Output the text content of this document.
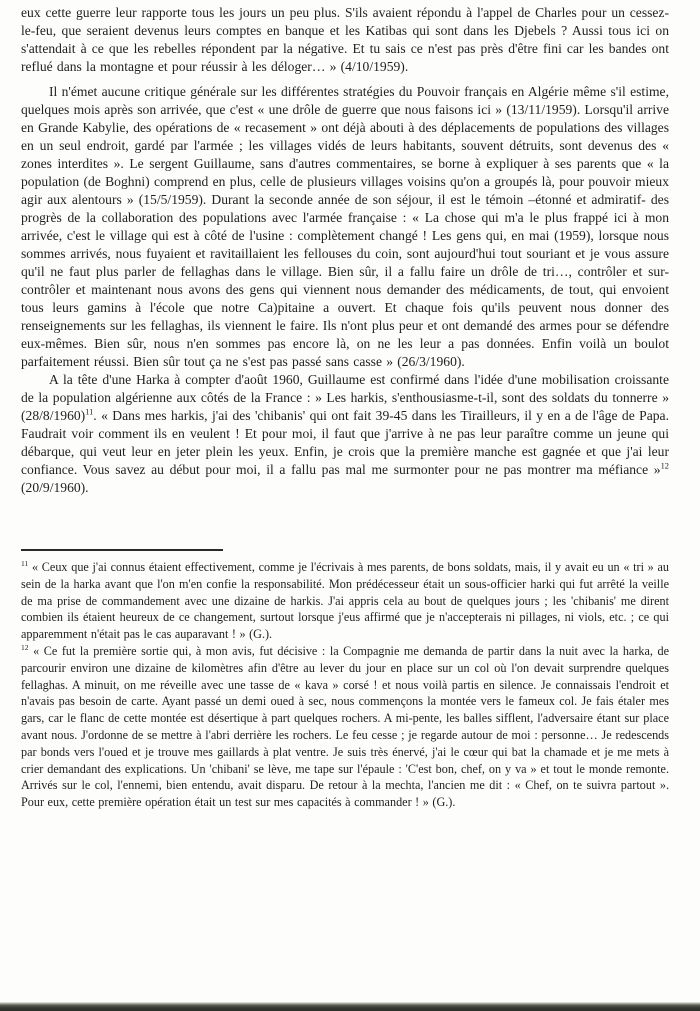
eux cette guerre leur rapporte tous les jours un peu plus. S'ils avaient répondu à l'appel de Charles pour un cessez-le-feu, que seraient devenus leurs comptes en banque et les Katibas qui sont dans les Djebels ? Aussi tous ici on s'attendait à ce que les rebelles répondent par la négative. Et tu sais ce n'est pas près d'être fini car les bandes ont reflué dans la montagne et pour réussir à les déloger… » (4/10/1959).

Il n'émet aucune critique générale sur les différentes stratégies du Pouvoir français en Algérie même s'il estime, quelques mois après son arrivée, que c'est « une drôle de guerre que nous faisons ici » (13/11/1959). Lorsqu'il arrive en Grande Kabylie, des opérations de « recasement » ont déjà abouti à des déplacements de populations des villages en un seul endroit, gardé par l'armée ; les villages vidés de leurs habitants, souvent détruits, sont devenus des « zones interdites ». Le sergent Guillaume, sans d'autres commentaires, se borne à expliquer à ses parents que « la population (de Boghni) comprend en plus, celle de plusieurs villages voisins qu'on a groupés là, pour pouvoir mieux agir aux alentours » (15/5/1959). Durant la seconde année de son séjour, il est le témoin –étonné et admiratif- des progrès de la collaboration des populations avec l'armée française : « La chose qui m'a le plus frappé ici à mon arrivée, c'est le village qui est à côté de l'usine : complètement changé ! Les gens qui, en mai (1959), lorsque nous sommes arrivés, nous fuyaient et ravitaillaient les fellouses du coin, sont aujourd'hui tout souriant et je vous assure qu'il ne faut plus parler de fellaghas dans le village. Bien sûr, il a fallu faire un drôle de tri…, contrôler et sur-contrôler et maintenant nous avons des gens qui viennent nous demander des médicaments, de tout, qui envoient tous leurs gamins à l'école que notre Ca)pitaine a ouvert. Et chaque fois qu'ils peuvent nous donner des renseignements sur les fellaghas, ils viennent le faire. Ils n'ont plus peur et ont demandé des armes pour se défendre eux-mêmes. Bien sûr, nous n'en sommes pas encore là, on ne les leur a pas données. Enfin voilà un boulot parfaitement réussi. Bien sûr tout ça ne s'est pas passé sans casse » (26/3/1960).

A la tête d'une Harka à compter d'août 1960, Guillaume est confirmé dans l'idée d'une mobilisation croissante de la population algérienne aux côtés de la France : » Les harkis, s'enthousiasme-t-il, sont des soldats du tonnerre » $(28/8/1960)^{11}$. « Dans mes harkis, j'ai des 'chibanis' qui ont fait 39-45 dans les Tirailleurs, il y en a de l'âge de Papa. Faudrait voir comment ils en veulent ! Et pour moi, il faut que j'arrive à ne pas leur paraître comme un jeune qui débarque, qui veut leur en jeter plein les yeux. Enfin, je crois que la première manche est gagnée et que j'ai leur confiance. Vous savez au début pour moi, il a fallu pas mal me surmonter pour ne pas montrer ma méfiance »$^{12}$ (20/9/1960).

$^{11}$ « Ceux que j'ai connus étaient effectivement, comme je l'écrivais à mes parents, de bons soldats, mais, il y avait eu un « tri » au sein de la harka avant que l'on m'en confie la responsabilité. Mon prédécesseur était un sous-officier harki qui fut arrêté la veille de ma prise de commandement avec une dizaine de harkis. J'ai appris cela au bout de quelques jours ; les 'chibanis' me dirent combien ils étaient heureux de ce changement, surtout lorsque j'eus affirmé que je n'accepterais ni pillages, ni viols, etc. ; ce qui apparemment n'était pas le cas auparavant ! » (G.).

$^{12}$ « Ce fut la première sortie qui, à mon avis, fut décisive : la Compagnie me demanda de partir dans la nuit avec la harka, de parcourir environ une dizaine de kilomètres afin d'être au lever du jour en place sur un col où l'on devait surprendre quelques fellaghas. A minuit, on me réveille avec une tasse de « kava » corsé ! et nous voilà partis en silence. Je connaissais l'endroit et n'avais pas besoin de carte. Ayant passé un demi oued à sec, nous commençons la montée vers le fameux col. Je fais étaler mes gars, car le flanc de cette montée est désertique à part quelques rochers. A mi-pente, les balles sifflent, l'adversaire étant sur place avant nous. J'ordonne de se mettre à l'abri derrière les rochers. Le feu cesse ; je regarde autour de moi : personne… Je redescends par bonds vers l'oued et je trouve mes gaillards à plat ventre. Je suis très énervé, j'ai le cœur qui bat la chamade et je me mets à crier demandant des explications. Un 'chibani' se lève, me tape sur l'épaule : 'C'est bon, chef, on y va » et tout le monde remonte. Arrivés sur le col, l'ennemi, bien entendu, avait disparu. De retour à la mechta, l'ancien me dit : « Chef, on te suivra partout ». Pour eux, cette première opération était un test sur mes capacités à commander ! » (G.).
